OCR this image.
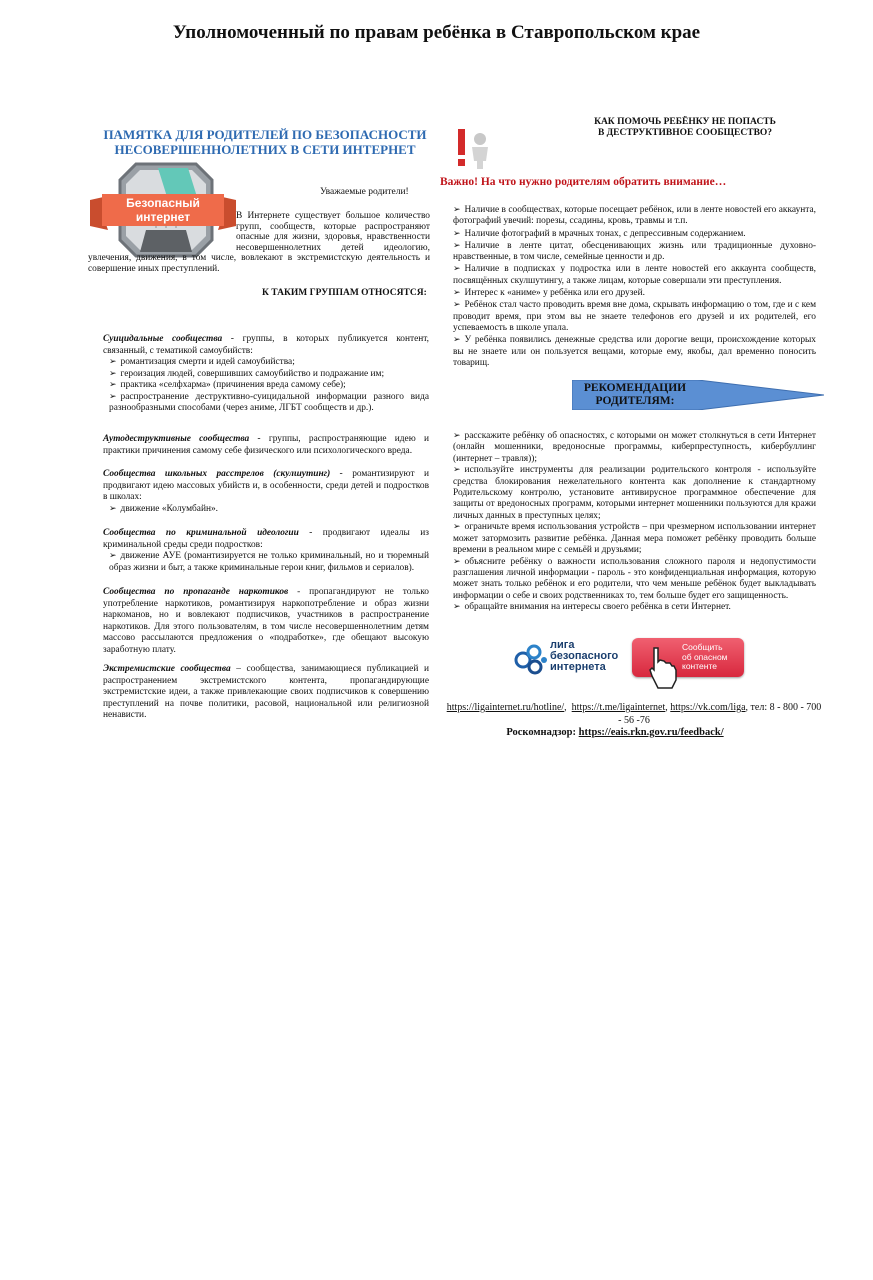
Уполномоченный по правам ребёнка в Ставропольском крае
ПАМЯТКА ДЛЯ РОДИТЕЛЕЙ ПО БЕЗОПАСНОСТИ
НЕСОВЕРШЕННОЛЕТНИХ В СЕТИ ИНТЕРНЕТ
Безопасный
интернет
Уважаемые родители!
В Интернете существует большое количество групп, сообществ, которые распространяют опасные для жизни, здоровья, нравственности несовершеннолетних детей идеологию, увлечения, движения, в том числе, вовлекают в экстремистскую деятельность и совершение иных преступлений.
К ТАКИМ ГРУППАМ ОТНОСЯТСЯ:
Суицидальные сообщества - группы, в которых публикуется контент, связанный, с тематикой самоубийств:
➢ романтизация смерти и идей самоубийства;
➢ героизация людей, совершивших самоубийство и подражание им;
➢ практика «селфхарма» (причинения вреда самому себе);
➢ распространение деструктивно-суицидальной информации разного вида разнообразными способами (через аниме, ЛГБТ сообществ и др.).
Аутодеструктивные сообщества - группы, распространяющие идею и практики причинения самому себе физического или психологического вреда.
Сообщества школьных расстрелов (скулшутинг) - романтизируют и продвигают идею массовых убийств и, в особенности, среди детей и подростков в школах:
➢ движение «Колумбайн».
Сообщества по криминальной идеологии - продвигают идеалы из криминальной среды среди подростков:
➢ движение АУЕ (романтизируется не только криминальный, но и тюремный образ жизни и быт, а также криминальные герои книг, фильмов и сериалов).
Сообщества по пропаганде наркотиков - пропагандируют не только употребление наркотиков, романтизируя наркопотребление и образ жизни наркоманов, но и вовлекают подписчиков, участников в распространение наркотиков. Для этого пользователям, в том числе несовершеннолетним детям массово рассылаются предложения о «подработке», где обещают высокую заработную плату.
Экстремистские сообщества – сообщества, занимающиеся публикацией и распространением экстремистского контента, пропагандирующие экстремистские идеи, а также привлекающие своих подписчиков к совершению преступлений на почве политики, расовой, национальной или религиозной ненависти.
КАК ПОМОЧЬ РЕБЁНКУ НЕ ПОПАСТЬ
В ДЕСТРУКТИВНОЕ СООБЩЕСТВО?
Важно! На что нужно родителям обратить внимание…

➢ Наличие в сообществах, которые посещает ребёнок, или в ленте новостей его аккаунта, фотографий увечий: порезы, ссадины, кровь, травмы и т.п.

➢ Наличие фотографий в мрачных тонах, с депрессивным содержанием.

➢ Наличие в ленте цитат, обесценивающих жизнь или традиционные духовно-нравственные, в том числе, семейные ценности и др.

➢ Наличие в подписках у подростка или в ленте новостей его аккаунта сообществ, посвящённых скулшутингу, а также лицам, которые совершали эти преступления.

➢ Интерес к «аниме» у ребёнка или его друзей.

➢ Ребёнок стал часто проводить время вне дома, скрывать информацию о том, где и с кем проводит время, при этом вы не знаете телефонов его друзей и их родителей, его успеваемость в школе упала.

➢ У ребёнка появились денежные средства или дорогие вещи, происхождение которых вы не знаете или он пользуется вещами, которые ему, якобы, дал временно поносить товарищ.

РЕКОМЕНДАЦИИ
РОДИТЕЛЯМ:

➢ расскажите ребёнку об опасностях, с которыми он может столкнуться в сети Интернет (онлайн мошенники, вредоносные программы, киберпреступность, кибербуллинг (интернет – травля));

➢ используйте инструменты для реализации родительского контроля - используйте средства блокирования нежелательного контента как дополнение к стандартному Родительскому контролю, установите антивирусное программное обеспечение для защиты от вредоносных программ, которыми интернет мошенники пользуются для кражи личных данных в преступных целях;

➢ ограничьте время использования устройств – при чрезмерном использовании интернет может затормозить развитие ребёнка. Данная мера поможет ребёнку проводить больше времени в реальном мире с семьёй и друзьями;

➢ объясните ребёнку о важности использования сложного пароля и недопустимости разглашения личной информации - пароль - это конфиденциальная информация, которую может знать только ребёнок и его родители, что чем меньше ребёнок будет выкладывать информации о себе и своих родственниках то, тем больше будет его защищенность.

➢ обращайте внимания на интересы своего ребёнка в сети Интернет.

лига
безопасного
интернета
Сообщить
об опасном
контенте
https://ligainternet.ru/hotline/,  https://t.me/ligainternet, https://vk.com/liga, тел: 8 - 800 - 700 - 56 -76
Роскомнадзор: https://eais.rkn.gov.ru/feedback/
